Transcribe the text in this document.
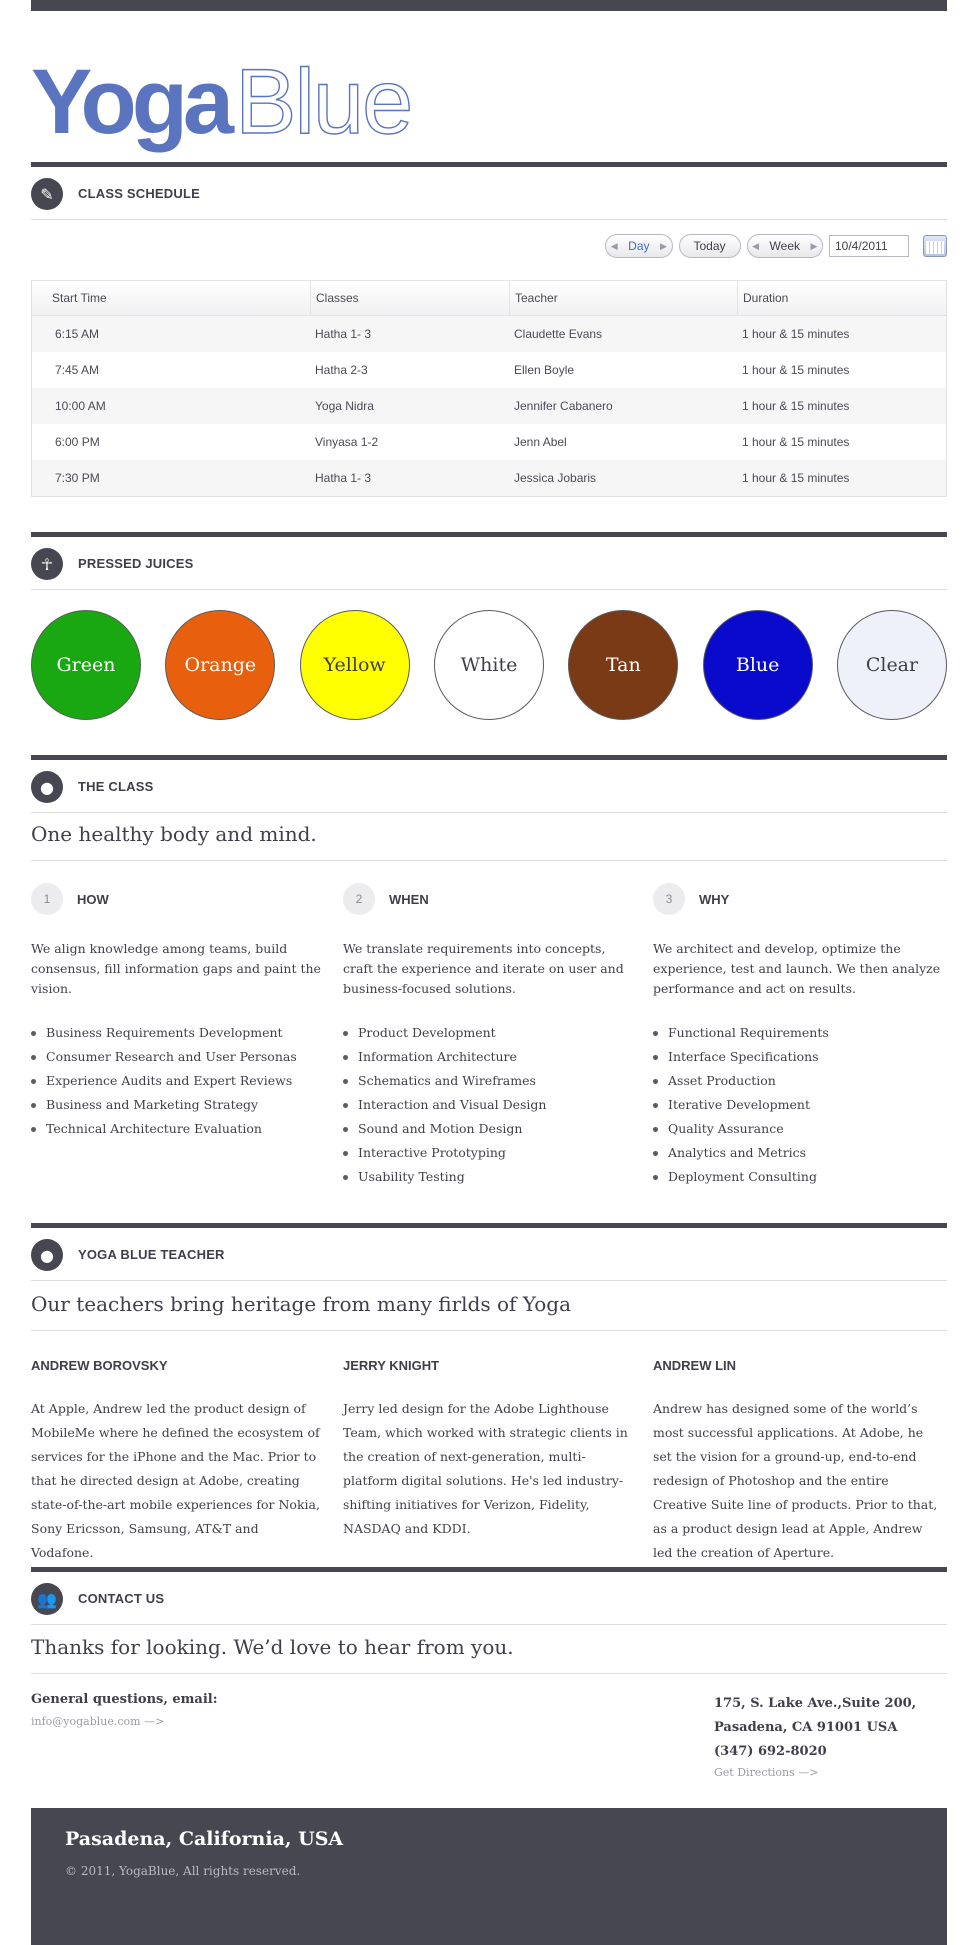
Yoga Blue
✎	CLASS SCHEDULE
◀ Day	▶	Today	◀ Week	▶	10/4/2011
Start Time	Classes	Teacher	Duration
6:15 AM	Hatha 1- 3	Claudette Evans	1 hour & 15 minutes
7:45 AM	Hatha 2-3	Ellen Boyle	1 hour & 15 minutes
10:00 AM	Yoga Nidra	Jennifer Cabanero	1 hour & 15 minutes
6:00 PM	Vinyasa 1-2	Jenn Abel	1 hour & 15 minutes
7:30 PM	Hatha 1- 3	Jessica Jobaris	1 hour & 15 minutes
☥	PRESSED JUICES
Green	Orange	Yellow	White	Tan	Blue	Clear
●	THE CLASS
One healthy body and mind.
1	HOW
We align knowledge among teams, build consensus, fill information gaps and paint the vision.
Business Requirements Development
Consumer Research and User Personas
Experience Audits and Expert Reviews
Business and Marketing Strategy
Technical Architecture Evaluation
2	WHEN
We translate requirements into concepts, craft the experience and iterate on user and business-focused solutions.
Product Development
Information Architecture
Schematics and Wireframes
Interaction and Visual Design
Sound and Motion Design
Interactive Prototyping
Usability Testing
3	WHY
We architect and develop, optimize the experience, test and launch. We then analyze performance and act on results.
Functional Requirements
Interface Specifications
Asset Production
Iterative Development
Quality Assurance
Analytics and Metrics
Deployment Consulting
●	YOGA BLUE TEACHER
Our teachers bring heritage from many firlds of Yoga
ANDREW BOROVSKY
At Apple, Andrew led the product design of MobileMe where he defined the ecosystem of services for the iPhone and the Mac. Prior to that he directed design at Adobe, creating state-of-the-art mobile experiences for Nokia, Sony Ericsson, Samsung, AT&T and Vodafone.
JERRY KNIGHT
Jerry led design for the Adobe Lighthouse Team, which worked with strategic clients in the creation of next-generation, multi-platform digital solutions. He's led industry-shifting initiatives for Verizon, Fidelity, NASDAQ and KDDI.
ANDREW LIN
Andrew has designed some of the world’s most successful applications. At Adobe, he set the vision for a ground-up, end-to-end redesign of Photoshop and the entire Creative Suite line of products. Prior to that, as a product design lead at Apple, Andrew led the creation of Aperture.
👥	CONTACT US
Thanks for looking. We’d love to hear from you.
General questions, email:
info@yogablue.com —>
175, S. Lake Ave.,Suite 200,
Pasadena, CA 91001 USA
(347) 692-8020
Get Directions —>
Pasadena, California, USA
© 2011, YogaBlue, All rights reserved.
